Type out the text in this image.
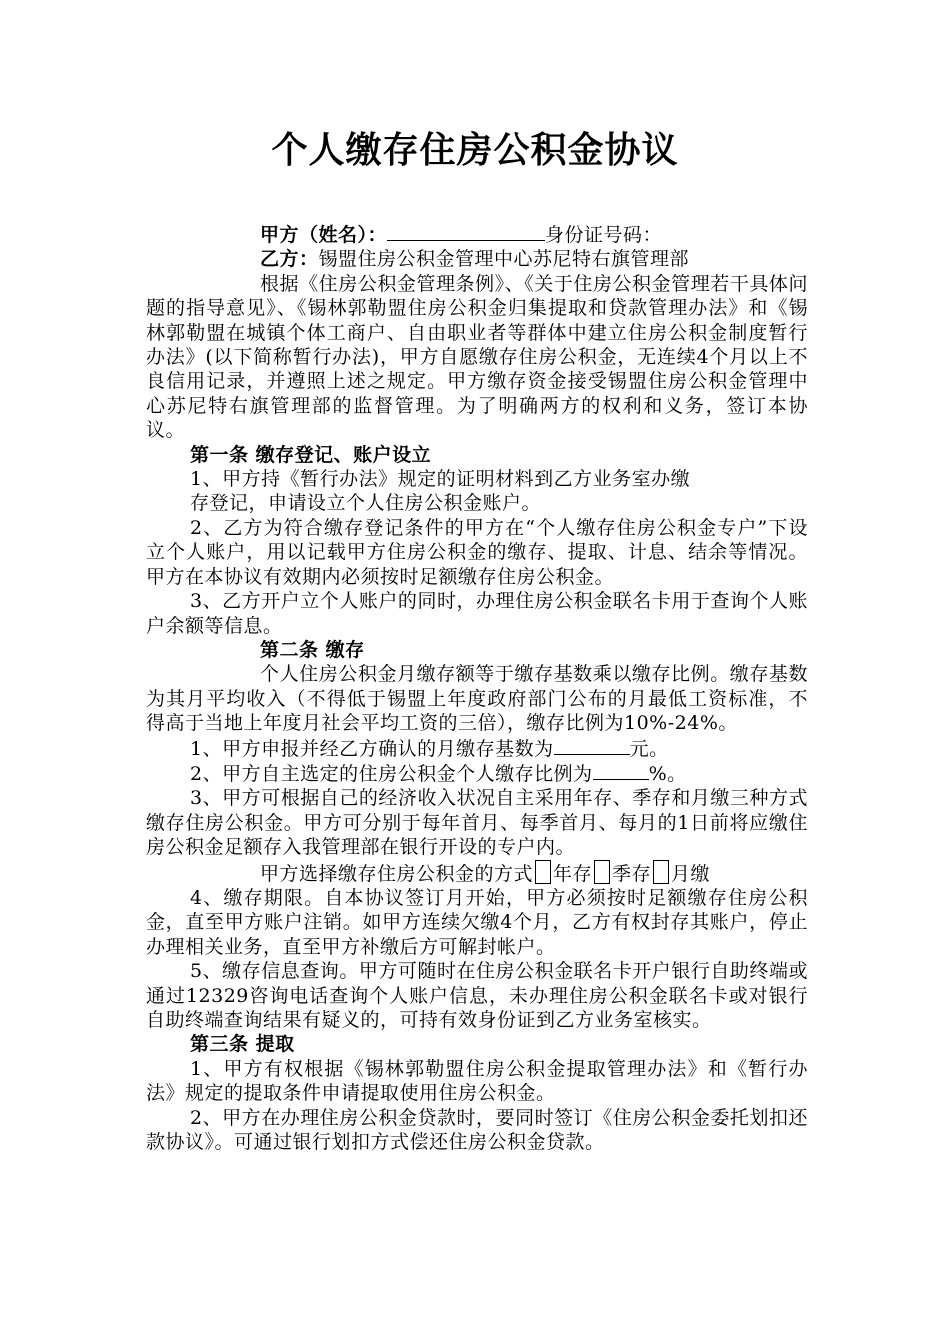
个人缴存住房公积金协议

甲方（姓名）：	身份证号码：

乙方：锡盟住房公积金管理中心苏尼特右旗管理部

根据《住房公积金管理条例》、《关于住房公积金管理若干具体问题的指导意见》、《锡林郭勒盟住房公积金归集提取和贷款管理办法》和《锡林郭勒盟在城镇个体工商户、自由职业者等群体中建立住房公积金制度暂行办法》(以下简称暂行办法)，甲方自愿缴存住房公积金，无连续4个月以上不良信用记录，并遵照上述之规定。甲方缴存资金接受锡盟住房公积金管理中心苏尼特右旗管理部的监督管理。为了明确两方的权利和义务，签订本协议。

第一条 缴存登记、账户设立

1、甲方持《暂行办法》规定的证明材料到乙方业务室办缴

存登记，申请设立个人住房公积金账户。

2、乙方为符合缴存登记条件的甲方在“个人缴存住房公积金专户”下设立个人账户，用以记载甲方住房公积金的缴存、提取、计息、结余等情况。甲方在本协议有效期内必须按时足额缴存住房公积金。

3、乙方开户立个人账户的同时，办理住房公积金联名卡用于查询个人账户余额等信息。

第二条 缴存

个人住房公积金月缴存额等于缴存基数乘以缴存比例。缴存基数为其月平均收入（不得低于锡盟上年度政府部门公布的月最低工资标准，不得高于当地上年度月社会平均工资的三倍），缴存比例为10%-24%。

1、甲方申报并经乙方确认的月缴存基数为	元。

2、甲方自主选定的住房公积金个人缴存比例为	%。

3、甲方可根据自己的经济收入状况自主采用年存、季存和月缴三种方式缴存住房公积金。甲方可分别于每年首月、每季首月、每月的1日前将应缴住房公积金足额存入我管理部在银行开设的专户内。

甲方选择缴存住房公积金的方式 年存 季存 月缴

4、缴存期限。自本协议签订月开始，甲方必须按时足额缴存住房公积金，直至甲方账户注销。如甲方连续欠缴4个月，乙方有权封存其账户，停止办理相关业务，直至甲方补缴后方可解封帐户。

5、缴存信息查询。甲方可随时在住房公积金联名卡开户银行自助终端或通过12329咨询电话查询个人账户信息，未办理住房公积金联名卡或对银行自助终端查询结果有疑义的，可持有效身份证到乙方业务室核实。

第三条 提取

1、甲方有权根据《锡林郭勒盟住房公积金提取管理办法》和《暂行办法》规定的提取条件申请提取使用住房公积金。

2、甲方在办理住房公积金贷款时，要同时签订《住房公积金委托划扣还款协议》。可通过银行划扣方式偿还住房公积金贷款。
